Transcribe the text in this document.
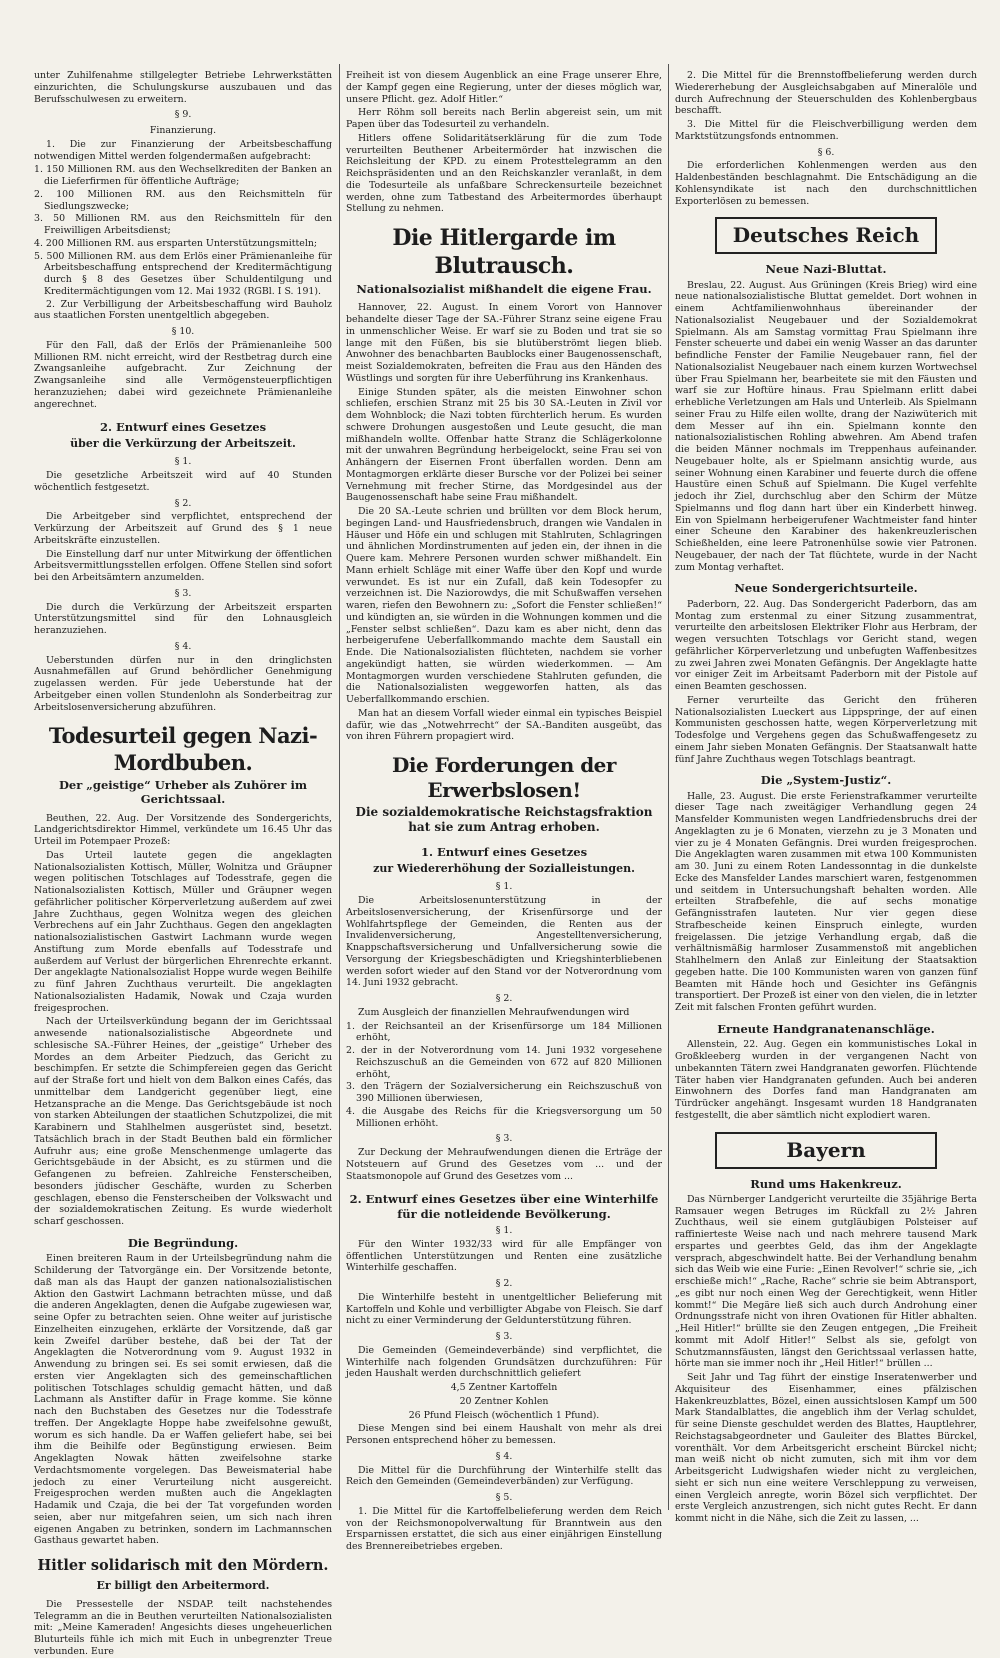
unter Zuhilfenahme stillgelegter Betriebe Lehrwerkstätten einzurichten, die Schulungskurse auszubauen und das Berufsschulwesen zu erweitern.

§ 9.
Finanzierung.

1. Die zur Finanzierung der Arbeitsbeschaffung notwendigen Mittel werden folgendermaßen aufgebracht:

1. 150 Millionen RM. aus den Wechselkrediten der Banken an die Lieferfirmen für öffentliche Aufträge;

2. 100 Millionen RM. aus den Reichsmitteln für Siedlungszwecke;

3. 50 Millionen RM. aus den Reichsmitteln für den Freiwilligen Arbeitsdienst;

4. 200 Millionen RM. aus ersparten Unterstützungsmitteln;

5. 500 Millionen RM. aus dem Erlös einer Prämienanleihe für Arbeitsbeschaffung entsprechend der Kreditermächtigung durch § 8 des Gesetzes über Schuldentilgung und Kreditermächtigungen vom 12. Mai 1932 (RGBl. I S. 191).

2. Zur Verbilligung der Arbeitsbeschaffung wird Bauholz aus staatlichen Forsten unentgeltlich abgegeben.

§ 10.

Für den Fall, daß der Erlös der Prämienanleihe 500 Millionen RM. nicht erreicht, wird der Restbetrag durch eine Zwangsanleihe aufgebracht. Zur Zeichnung der Zwangsanleihe sind alle Vermögensteuerpflichtigen heranzuziehen; dabei wird gezeichnete Prämienanleihe angerechnet.

2. Entwurf eines Gesetzes
über die Verkürzung der Arbeitszeit.
§ 1.

Die gesetzliche Arbeitszeit wird auf 40 Stunden wöchentlich festgesetzt.

§ 2.

Die Arbeitgeber sind verpflichtet, entsprechend der Verkürzung der Arbeitszeit auf Grund des § 1 neue Arbeitskräfte einzustellen.

Die Einstellung darf nur unter Mitwirkung der öffentlichen Arbeitsvermittlungsstellen erfolgen. Offene Stellen sind sofort bei den Arbeitsämtern anzumelden.

§ 3.

Die durch die Verkürzung der Arbeitszeit ersparten Unterstützungsmittel sind für den Lohnausgleich heranzuziehen.

§ 4.

Ueberstunden dürfen nur in den dringlichsten Ausnahmefällen auf Grund behördlicher Genehmigung zugelassen werden. Für jede Ueberstunde hat der Arbeitgeber einen vollen Stundenlohn als Sonderbeitrag zur Arbeitslosenversicherung abzuführen.

Todesurteil gegen Nazi-Mordbuben.
Der „geistige“ Urheber als Zuhörer im Gerichtssaal.

Beuthen, 22. Aug. Der Vorsitzende des Sondergerichts, Landgerichtsdirektor Himmel, verkündete um 16.45 Uhr das Urteil im Potempaer Prozeß:

Das Urteil lautete gegen die angeklagten Nationalsozialisten Kottisch, Müller, Wolnitza und Gräupner wegen politischen Totschlages auf Todesstrafe, gegen die Nationalsozialisten Kottisch, Müller und Gräupner wegen gefährlicher politischer Körperverletzung außerdem auf zwei Jahre Zuchthaus, gegen Wolnitza wegen des gleichen Verbrechens auf ein Jahr Zuchthaus. Gegen den angeklagten nationalsozialistischen Gastwirt Lachmann wurde wegen Anstiftung zum Morde ebenfalls auf Todesstrafe und außerdem auf Verlust der bürgerlichen Ehrenrechte erkannt. Der angeklagte Nationalsozialist Hoppe wurde wegen Beihilfe zu fünf Jahren Zuchthaus verurteilt. Die angeklagten Nationalsozialisten Hadamik, Nowak und Czaja wurden freigesprochen.

Nach der Urteilsverkündung begann der im Gerichtssaal anwesende nationalsozialistische Abgeordnete und schlesische SA.-Führer Heines, der „geistige“ Urheber des Mordes an dem Arbeiter Piedzuch, das Gericht zu beschimpfen. Er setzte die Schimpfereien gegen das Gericht auf der Straße fort und hielt von dem Balkon eines Cafés, das unmittelbar dem Landgericht gegenüber liegt, eine Hetzansprache an die Menge. Das Gerichtsgebäude ist noch von starken Abteilungen der staatlichen Schutzpolizei, die mit Karabinern und Stahlhelmen ausgerüstet sind, besetzt. Tatsächlich brach in der Stadt Beuthen bald ein förmlicher Aufruhr aus; eine große Menschenmenge umlagerte das Gerichtsgebäude in der Absicht, es zu stürmen und die Gefangenen zu befreien. Zahlreiche Fensterscheiben, besonders jüdischer Geschäfte, wurden zu Scherben geschlagen, ebenso die Fensterscheiben der Volkswacht und der sozialdemokratischen Zeitung. Es wurde wiederholt scharf geschossen.

Die Begründung.

Einen breiteren Raum in der Urteilsbegründung nahm die Schilderung der Tatvorgänge ein. Der Vorsitzende betonte, daß man als das Haupt der ganzen nationalsozialistischen Aktion den Gastwirt Lachmann betrachten müsse, und daß die anderen Angeklagten, denen die Aufgabe zugewiesen war, seine Opfer zu betrachten seien. Ohne weiter auf juristische Einzelheiten einzugehen, erklärte der Vorsitzende, daß gar kein Zweifel darüber bestehe, daß bei der Tat der Angeklagten die Notverordnung vom 9. August 1932 in Anwendung zu bringen sei. Es sei somit erwiesen, daß die ersten vier Angeklagten sich des gemeinschaftlichen politischen Totschlages schuldig gemacht hätten, und daß Lachmann als Anstifter dafür in Frage komme. Sie könne nach den Buchstaben des Gesetzes nur die Todesstrafe treffen. Der Angeklagte Hoppe habe zweifelsohne gewußt, worum es sich handle. Da er Waffen geliefert habe, sei bei ihm die Beihilfe oder Begünstigung erwiesen. Beim Angeklagten Nowak hätten zweifelsohne starke Verdachtsmomente vorgelegen. Das Beweismaterial habe jedoch zu einer Verurteilung nicht ausgereicht. Freigesprochen werden mußten auch die Angeklagten Hadamik und Czaja, die bei der Tat vorgefunden worden seien, aber nur mitgefahren seien, um sich nach ihren eigenen Angaben zu betrinken, sondern im Lachmannschen Gasthaus gewartet haben.

Hitler solidarisch mit den Mördern.
Er billigt den Arbeitermord.

Die Pressestelle der NSDAP. teilt nachstehendes Telegramm an die in Beuthen verurteilten Nationalsozialisten mit: „Meine Kameraden! Angesichts dieses ungeheuerlichen Bluturteils fühle ich mich mit Euch in unbegrenzter Treue verbunden. Eure

Freiheit ist von diesem Augenblick an eine Frage unserer Ehre, der Kampf gegen eine Regierung, unter der dieses möglich war, unsere Pflicht. gez. Adolf Hitler.“

Herr Röhm soll bereits nach Berlin abgereist sein, um mit Papen über das Todesurteil zu verhandeln.

Hitlers offene Solidaritätserklärung für die zum Tode verurteilten Beuthener Arbeitermörder hat inzwischen die Reichsleitung der KPD. zu einem Protesttelegramm an den Reichspräsidenten und an den Reichskanzler veranlaßt, in dem die Todesurteile als unfaßbare Schreckensurteile bezeichnet werden, ohne zum Tatbestand des Arbeitermordes überhaupt Stellung zu nehmen.

Die Hitlergarde im Blutrausch.
Nationalsozialist mißhandelt die eigene Frau.

Hannover, 22. August. In einem Vorort von Hannover behandelte dieser Tage der SA.-Führer Stranz seine eigene Frau in unmenschlicher Weise. Er warf sie zu Boden und trat sie so lange mit den Füßen, bis sie blutüberströmt liegen blieb. Anwohner des benachbarten Baublocks einer Baugenossenschaft, meist Sozialdemokraten, befreiten die Frau aus den Händen des Wüstlings und sorgten für ihre Ueberführung ins Krankenhaus.

Einige Stunden später, als die meisten Einwohner schon schliefen, erschien Stranz mit 25 bis 30 SA.-Leuten in Zivil vor dem Wohnblock; die Nazi tobten fürchterlich herum. Es wurden schwere Drohungen ausgestoßen und Leute gesucht, die man mißhandeln wollte. Offenbar hatte Stranz die Schlägerkolonne mit der unwahren Begründung herbeigelockt, seine Frau sei von Anhängern der Eisernen Front überfallen worden. Denn am Montagmorgen erklärte dieser Bursche vor der Polizei bei seiner Vernehmung mit frecher Stirne, das Mordgesindel aus der Baugenossenschaft habe seine Frau mißhandelt.

Die 20 SA.-Leute schrien und brüllten vor dem Block herum, begingen Land- und Hausfriedensbruch, drangen wie Vandalen in Häuser und Höfe ein und schlugen mit Stahlruten, Schlagringen und ähnlichen Mordinstrumenten auf jeden ein, der ihnen in die Quere kam. Mehrere Personen wurden schwer mißhandelt. Ein Mann erhielt Schläge mit einer Waffe über den Kopf und wurde verwundet. Es ist nur ein Zufall, daß kein Todesopfer zu verzeichnen ist. Die Naziorowdys, die mit Schußwaffen versehen waren, riefen den Bewohnern zu: „Sofort die Fenster schließen!“ und kündigten an, sie würden in die Wohnungen kommen und die „Fenster selbst schließen“. Dazu kam es aber nicht, denn das herbeigerufene Ueberfallkommando machte dem Saustall ein Ende. Die Nationalsozialisten flüchteten, nachdem sie vorher angekündigt hatten, sie würden wiederkommen. — Am Montagmorgen wurden verschiedene Stahlruten gefunden, die die Nationalsozialisten weggeworfen hatten, als das Ueberfallkommando erschien.

Man hat an diesem Vorfall wieder einmal ein typisches Beispiel dafür, wie das „Notwehrrecht“ der SA.-Banditen ausgeübt, das von ihren Führern propagiert wird.

Die Forderungen der Erwerbslosen!
Die sozialdemokratische Reichstagsfraktion hat sie zum Antrag erhoben.
1. Entwurf eines Gesetzes
zur Wiedererhöhung der Sozialleistungen.
§ 1.

Die Arbeitslosenunterstützung in der Arbeitslosenversicherung, der Krisenfürsorge und der Wohlfahrtspflege der Gemeinden, die Renten aus der Invalidenversicherung, Angestelltenversicherung, Knappschaftsversicherung und Unfallversicherung sowie die Versorgung der Kriegsbeschädigten und Kriegshinterbliebenen werden sofort wieder auf den Stand vor der Notverordnung vom 14. Juni 1932 gebracht.

§ 2.

Zum Ausgleich der finanziellen Mehraufwendungen wird

1. der Reichsanteil an der Krisenfürsorge um 184 Millionen erhöht,

2. der in der Notverordnung vom 14. Juni 1932 vorgesehene Reichszuschuß an die Gemeinden von 672 auf 820 Millionen erhöht,

3. den Trägern der Sozialversicherung ein Reichszuschuß von 390 Millionen überwiesen,

4. die Ausgabe des Reichs für die Kriegsversorgung um 50 Millionen erhöht.

§ 3.

Zur Deckung der Mehraufwendungen dienen die Erträge der Notsteuern auf Grund des Gesetzes vom ... und der Staatsmonopole auf Grund des Gesetzes vom ...

2. Entwurf eines Gesetzes über eine Winterhilfe für die notleidende Bevölkerung.
§ 1.

Für den Winter 1932/33 wird für alle Empfänger von öffentlichen Unterstützungen und Renten eine zusätzliche Winterhilfe geschaffen.

§ 2.

Die Winterhilfe besteht in unentgeltlicher Belieferung mit Kartoffeln und Kohle und verbilligter Abgabe von Fleisch. Sie darf nicht zu einer Verminderung der Geldunterstützung führen.

§ 3.

Die Gemeinden (Gemeindeverbände) sind verpflichtet, die Winterhilfe nach folgenden Grundsätzen durchzuführen: Für jeden Haushalt werden durchschnittlich geliefert

4,5 Zentner Kartoffeln

20 Zentner Kohlen

26 Pfund Fleisch (wöchentlich 1 Pfund).

Diese Mengen sind bei einem Haushalt von mehr als drei Personen entsprechend höher zu bemessen.

§ 4.

Die Mittel für die Durchführung der Winterhilfe stellt das Reich den Gemeinden (Gemeindeverbänden) zur Verfügung.

§ 5.

1. Die Mittel für die Kartoffelbelieferung werden dem Reich von der Reichsmonopolverwaltung für Branntwein aus den Ersparnissen erstattet, die sich aus einer einjährigen Einstellung des Brennereibetriebes ergeben.

2. Die Mittel für die Brennstoffbelieferung werden durch Wiedererhebung der Ausgleichsabgaben auf Mineralöle und durch Aufrechnung der Steuerschulden des Kohlenbergbaus beschafft.

3. Die Mittel für die Fleischverbilligung werden dem Marktstützungsfonds entnommen.

§ 6.

Die erforderlichen Kohlenmengen werden aus den Haldenbeständen beschlagnahmt. Die Entschädigung an die Kohlensyndikate ist nach den durchschnittlichen Exporterlösen zu bemessen.

Deutsches Reich
Neue Nazi-Bluttat.

Breslau, 22. August. Aus Grüningen (Kreis Brieg) wird eine neue nationalsozialistische Bluttat gemeldet. Dort wohnen in einem Achtfamilienwohnhaus übereinander der Nationalsozialist Neugebauer und der Sozialdemokrat Spielmann. Als am Samstag vormittag Frau Spielmann ihre Fenster scheuerte und dabei ein wenig Wasser an das darunter befindliche Fenster der Familie Neugebauer rann, fiel der Nationalsozialist Neugebauer nach einem kurzen Wortwechsel über Frau Spielmann her, bearbeitete sie mit den Fäusten und warf sie zur Hoftüre hinaus. Frau Spielmann erlitt dabei erhebliche Verletzungen am Hals und Unterleib. Als Spielmann seiner Frau zu Hilfe eilen wollte, drang der Naziwüterich mit dem Messer auf ihn ein. Spielmann konnte den nationalsozialistischen Rohling abwehren. Am Abend trafen die beiden Männer nochmals im Treppenhaus aufeinander. Neugebauer holte, als er Spielmann ansichtig wurde, aus seiner Wohnung einen Karabiner und feuerte durch die offene Haustüre einen Schuß auf Spielmann. Die Kugel verfehlte jedoch ihr Ziel, durchschlug aber den Schirm der Mütze Spielmanns und flog dann hart über ein Kinderbett hinweg. Ein von Spielmann herbeigerufener Wachtmeister fand hinter einer Scheune den Karabiner des hakenkreuzlerischen Schießhelden, eine leere Patronenhülse sowie vier Patronen. Neugebauer, der nach der Tat flüchtete, wurde in der Nacht zum Montag verhaftet.

Neue Sondergerichtsurteile.

Paderborn, 22. Aug. Das Sondergericht Paderborn, das am Montag zum erstenmal zu einer Sitzung zusammentrat, verurteilte den arbeitslosen Elektriker Flohr aus Herbram, der wegen versuchten Totschlags vor Gericht stand, wegen gefährlicher Körperverletzung und unbefugten Waffenbesitzes zu zwei Jahren zwei Monaten Gefängnis. Der Angeklagte hatte vor einiger Zeit im Arbeitsamt Paderborn mit der Pistole auf einen Beamten geschossen.

Ferner verurteilte das Gericht den früheren Nationalsozialisten Lueckert aus Lippspringe, der auf einen Kommunisten geschossen hatte, wegen Körperverletzung mit Todesfolge und Vergehens gegen das Schußwaffengesetz zu einem Jahr sieben Monaten Gefängnis. Der Staatsanwalt hatte fünf Jahre Zuchthaus wegen Totschlags beantragt.

Die „System-Justiz“.

Halle, 23. August. Die erste Ferienstrafkammer verurteilte dieser Tage nach zweitägiger Verhandlung gegen 24 Mansfelder Kommunisten wegen Landfriedensbruchs drei der Angeklagten zu je 6 Monaten, vierzehn zu je 3 Monaten und vier zu je 4 Monaten Gefängnis. Drei wurden freigesprochen. Die Angeklagten waren zusammen mit etwa 100 Kommunisten am 30. Juni zu einem Roten Landessonntag in die dunkelste Ecke des Mansfelder Landes marschiert waren, festgenommen und seitdem in Untersuchungshaft behalten worden. Alle erteilten Strafbefehle, die auf sechs monatige Gefängnisstrafen lauteten. Nur vier gegen diese Strafbescheide keinen Einspruch einlegte, wurden freigelassen. Die jetzige Verhandlung ergab, daß die verhältnismäßig harmloser Zusammenstoß mit angeblichen Stahlhelmern den Anlaß zur Einleitung der Staatsaktion gegeben hatte. Die 100 Kommunisten waren von ganzen fünf Beamten mit Hände hoch und Gesichter ins Gefängnis transportiert. Der Prozeß ist einer von den vielen, die in letzter Zeit mit falschen Fronten geführt wurden.

Erneute Handgranatenanschläge.

Allenstein, 22. Aug. Gegen ein kommunistisches Lokal in Großkleeberg wurden in der vergangenen Nacht von unbekannten Tätern zwei Handgranaten geworfen. Flüchtende Täter haben vier Handgranaten gefunden. Auch bei anderen Einwohnern des Dorfes fand man Handgranaten am Türdrücker angehängt. Insgesamt wurden 18 Handgranaten festgestellt, die aber sämtlich nicht explodiert waren.

Bayern
Rund ums Hakenkreuz.

Das Nürnberger Landgericht verurteilte die 35jährige Berta Ramsauer wegen Betruges im Rückfall zu 2½ Jahren Zuchthaus, weil sie einem gutgläubigen Polsteiser auf raffinierteste Weise nach und nach mehrere tausend Mark erspartes und geerbtes Geld, das ihm der Angeklagte versprach, abgeschwindelt hatte. Bei der Verhandlung benahm sich das Weib wie eine Furie: „Einen Revolver!“ schrie sie, „ich erschieße mich!“ „Rache, Rache“ schrie sie beim Abtransport, „es gibt nur noch einen Weg der Gerechtigkeit, wenn Hitler kommt!“ Die Megäre ließ sich auch durch Androhung einer Ordnungsstrafe nicht von ihren Ovationen für Hitler abhalten. „Heil Hitler!“ brüllte sie den Zeugen entgegen, „Die Freiheit kommt mit Adolf Hitler!“ Selbst als sie, gefolgt von Schutzmannsfäusten, längst den Gerichtssaal verlassen hatte, hörte man sie immer noch ihr „Heil Hitler!“ brüllen ...

Seit Jahr und Tag führt der einstige Inseratenwerber und Akquisiteur des Eisenhammer, eines pfälzischen Hakenkreuzblattes, Bözel, einen aussichtslosen Kampf um 500 Mark Standalblattes, die angeblich ihm der Verlag schuldet, für seine Dienste geschuldet werden des Blattes, Hauptlehrer, Reichstagsabgeordneter und Gauleiter des Blattes Bürckel, vorenthält. Vor dem Arbeitsgericht erscheint Bürckel nicht; man weiß nicht ob nicht zumuten, sich mit ihm vor dem Arbeitsgericht Ludwigshafen wieder nicht zu vergleichen, sieht er sich nun eine weitere Verschleppung zu verweisen, einen Vergleich anregte, worin Bözel sich verpflichtet. Der erste Vergleich anzustrengen, sich nicht gutes Recht. Er dann kommt nicht in die Nähe, sich die Zeit zu lassen, ...
